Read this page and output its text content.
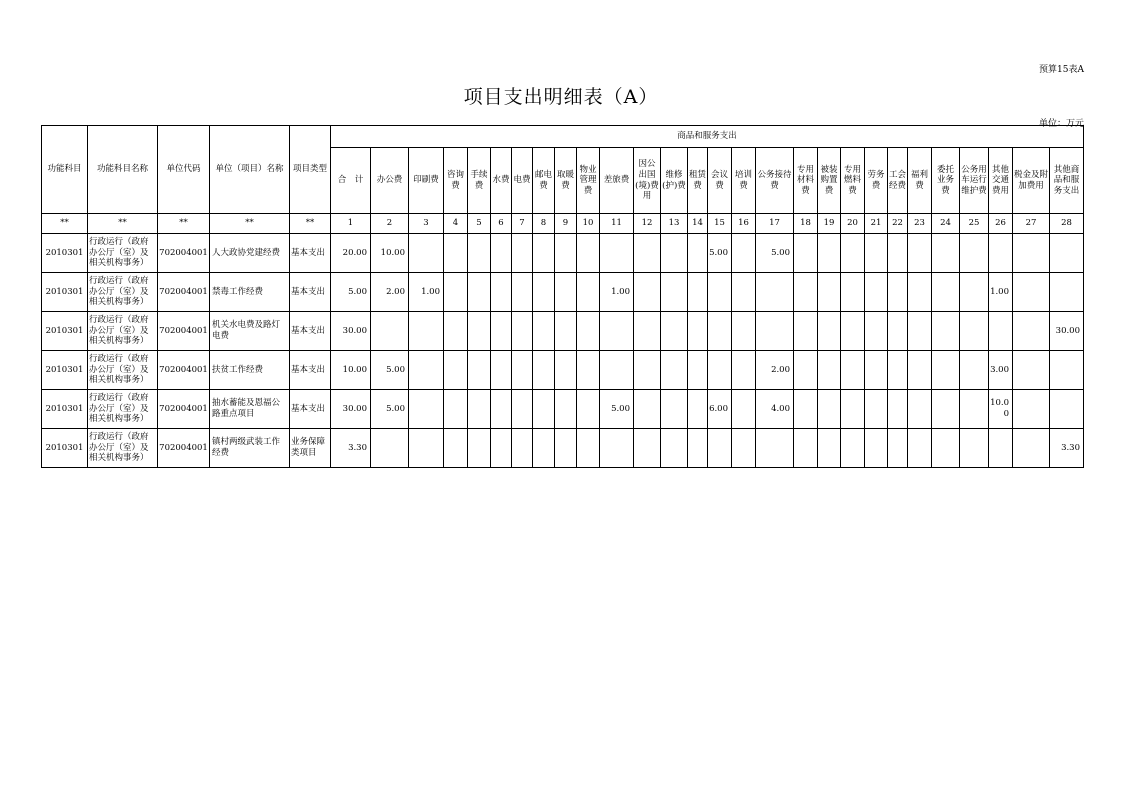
预算15表A
项目支出明细表（A）
单位：万元
功能科目	功能科目名称	单位代码	单位（项目）名称	项目类型	商品和服务支出																											
					合　计	办公费	印刷费	咨询费	手续费	水费	电费	邮电费	取暖费	物业管理费	差旅费	因公出国(境)费用	维修(护)费	租赁费	会议费	培训费	公务接待费	专用材料费	被装购置费	专用燃料费	劳务费	工会经费	福利费	委托业务费	公务用车运行维护费	其他交通费用	税金及附加费用	其他商品和服务支出
**	**	**	**	**	1	2	3	4	5	6	7	8	9	10	11	12	13	14	15	16	17	18	19	20	21	22	23	24	25	26	27	28
2010301	行政运行（政府办公厅（室）及相关机构事务）	702004001	人大政协党建经费	基本支出	20.00	10.00													5.00		5.00											
2010301	行政运行（政府办公厅（室）及相关机构事务）	702004001	禁毒工作经费	基本支出	5.00	2.00	1.00								1.00															1.00		
2010301	行政运行（政府办公厅（室）及相关机构事务）	702004001	机关水电费及路灯电费	基本支出	30.00																											30.00
2010301	行政运行（政府办公厅（室）及相关机构事务）	702004001	扶贫工作经费	基本支出	10.00	5.00															2.00									3.00		
2010301	行政运行（政府办公厅（室）及相关机构事务）	702004001	抽水蓄能及恩福公路重点项目	基本支出	30.00	5.00									5.00				6.00		4.00									10.00		
2010301	行政运行（政府办公厅（室）及相关机构事务）	702004001	镇村两级武装工作经费	业务保障类项目	3.30																											3.30
